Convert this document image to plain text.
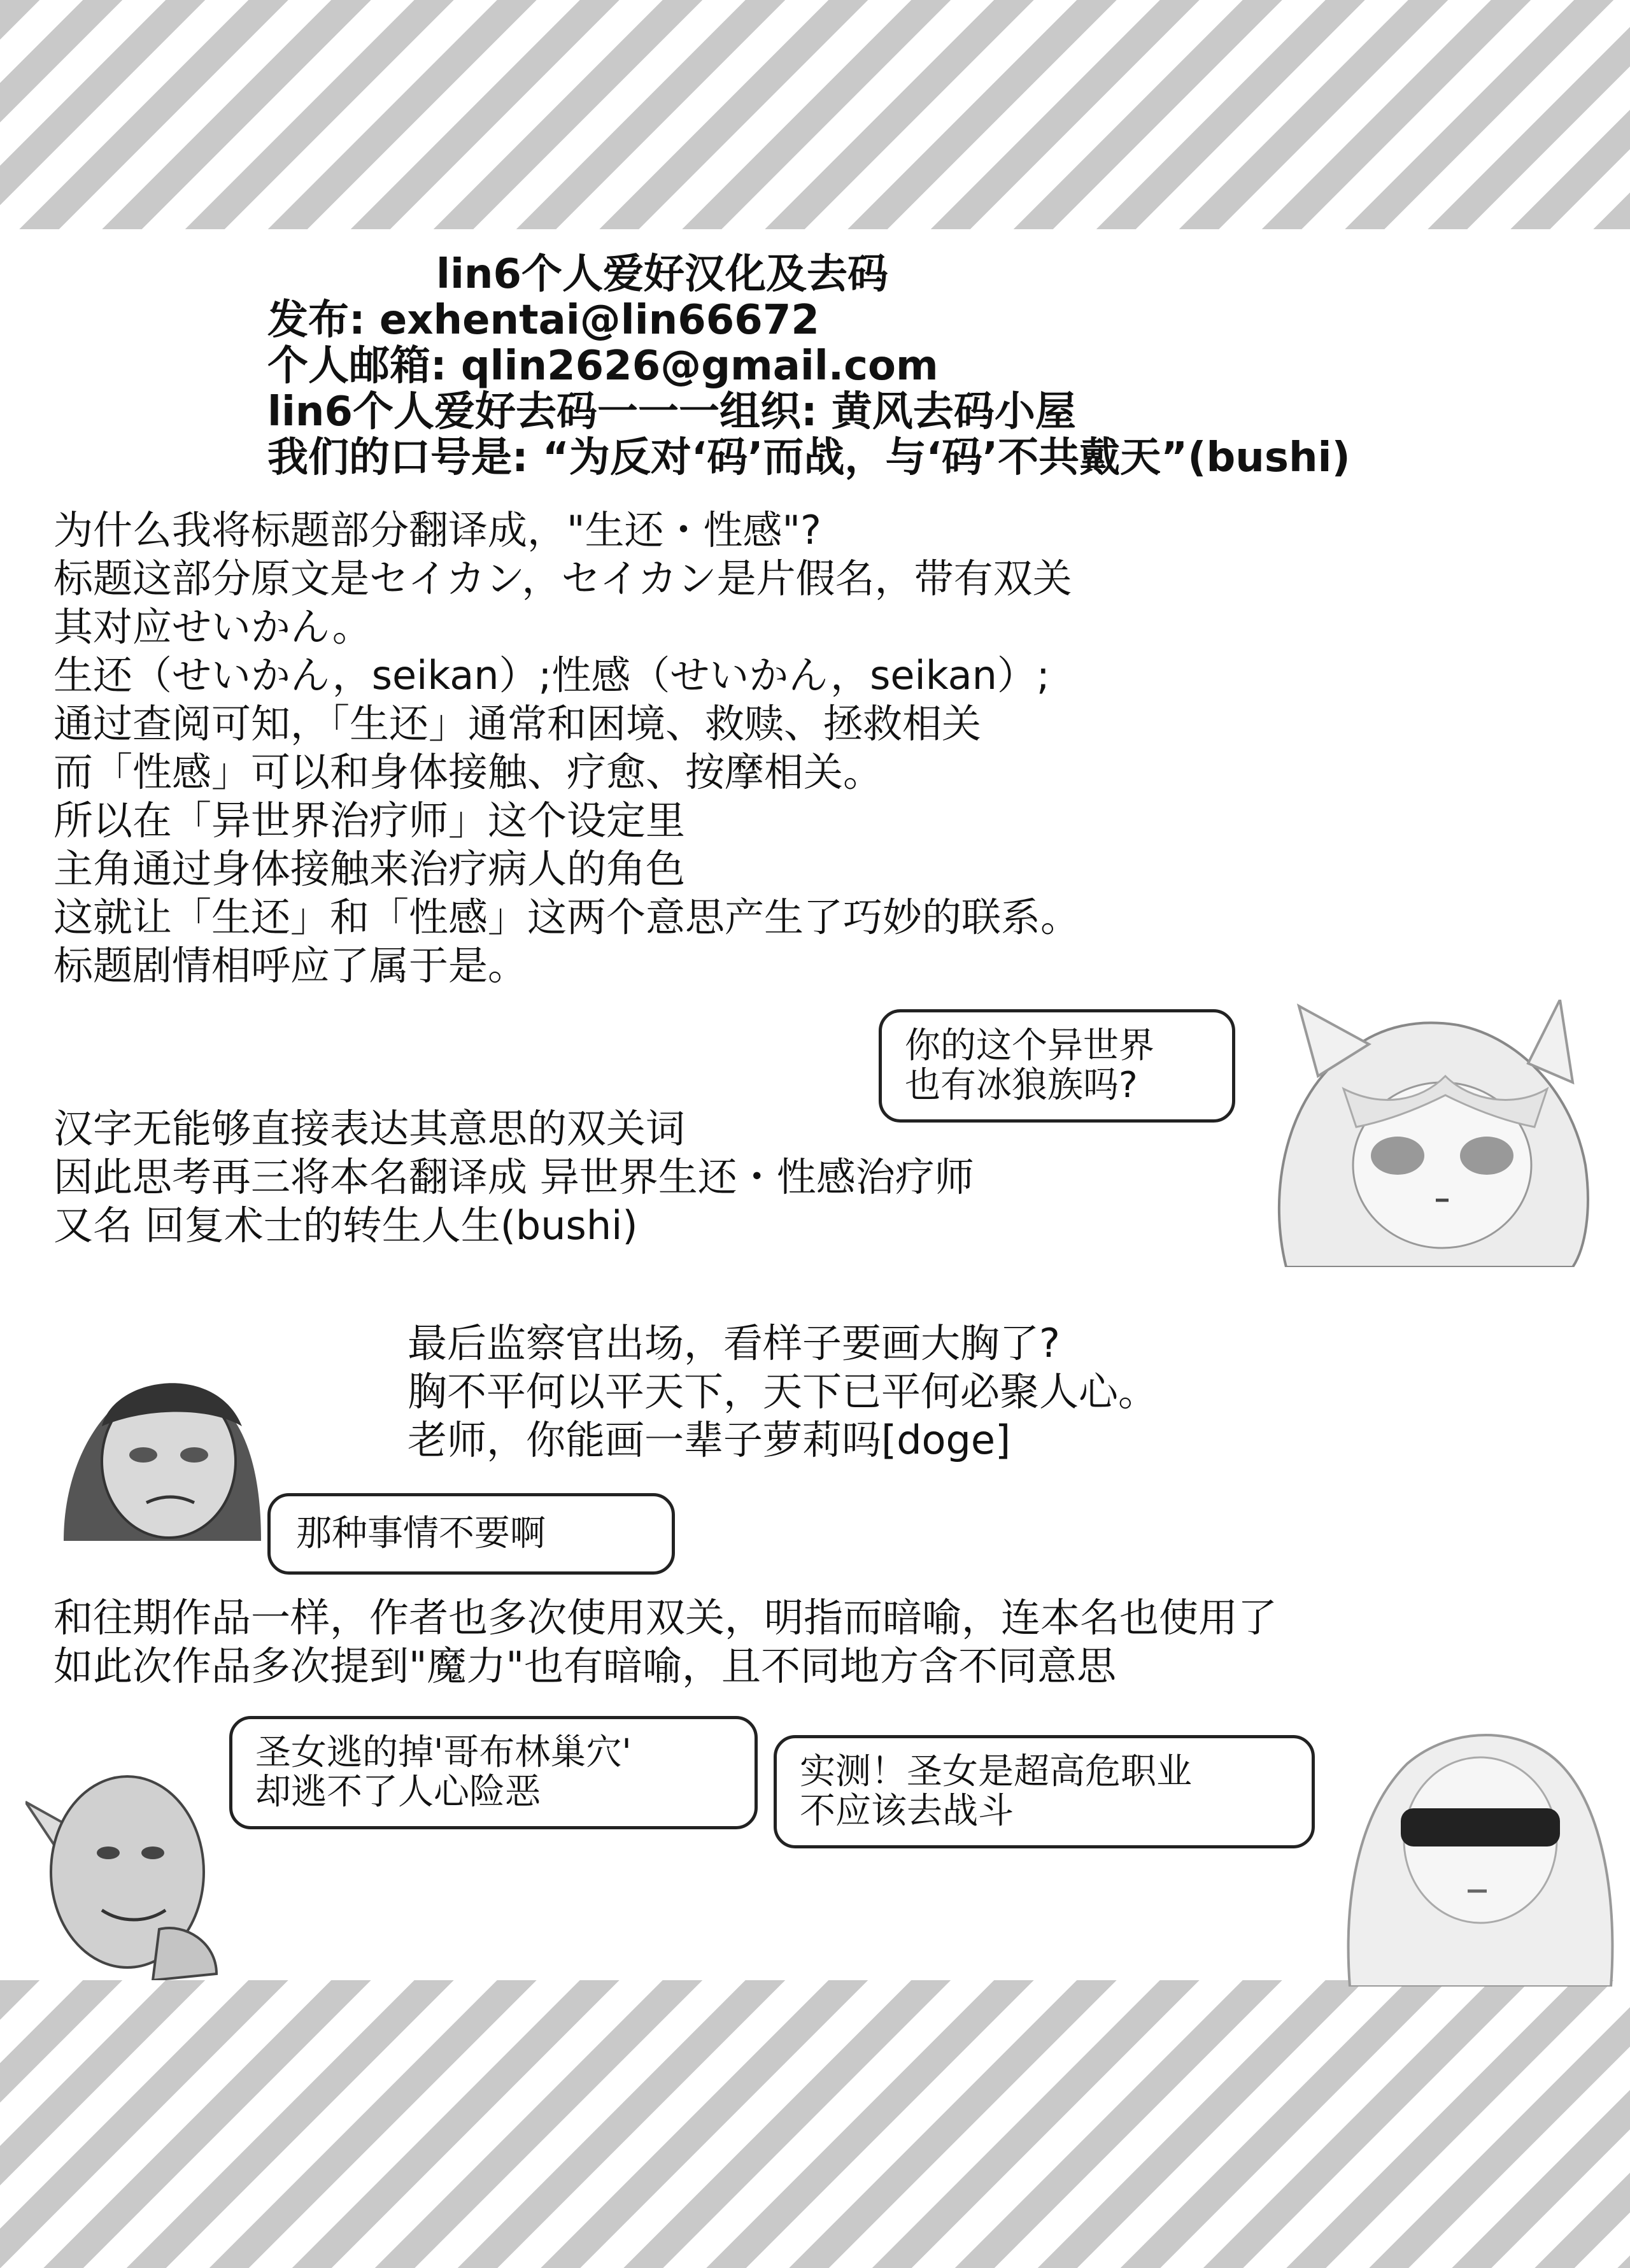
lin6个人爱好汉化及去码
发布: exhentai@lin66672
个人邮箱: qlin2626@gmail.com
lin6个人爱好去码一一一组织: 黄风去码小屋
我们的口号是: “为反对‘码’而战，与‘码’不共戴天”(bushi)
为什么我将标题部分翻译成，"生还・性感"?
标题这部分原文是セイカン，セイカン是片假名，带有双关
其对应せいかん。
生还（せいかん，seikan）;性感（せいかん，seikan）;
通过查阅可知，「生还」通常和困境、救赎、拯救相关
而「性感」可以和身体接触、疗愈、按摩相关。
所以在「异世界治疗师」这个设定里
主角通过身体接触来治疗病人的角色
这就让「生还」和「性感」这两个意思产生了巧妙的联系。
标题剧情相呼应了属于是。
汉字无能够直接表达其意思的双关词
因此思考再三将本名翻译成 异世界生还・性感治疗师
又名 回复术士的转生人生(bushi)
你的这个异世界
也有冰狼族吗?
最后监察官出场，看样子要画大胸了?
胸不平何以平天下，天下已平何必聚人心。
老师，你能画一辈子萝莉吗[doge]
那种事情不要啊
和往期作品一样，作者也多次使用双关，明指而暗喻，连本名也使用了
如此次作品多次提到"魔力"也有暗喻，且不同地方含不同意思
圣女逃的掉'哥布林巢穴'
却逃不了人心险恶	实测！圣女是超高危职业
不应该去战斗
